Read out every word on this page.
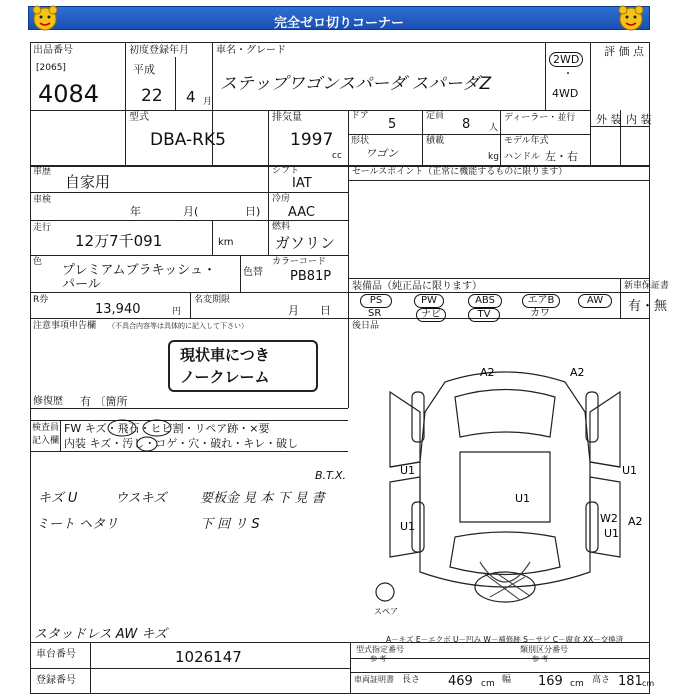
完全ゼロ切りコーナー
出品番号
[2065]
4084
初度登録年月
平成
22 4 月
車名・グレード
ステップワゴンスパーダ スパーダZ
2WD
・
4WD
評 価 点
外 装 内 装
型式
DBA-RK5
排気量
1997
cc
ドア
5
定員
8 人
ディーラー・並行
形状
ワゴン
積載
kg
モデル年式
ハンドル 左・右
車歴
自家用
シフト
IAT
セールスポイント（正常に機能するものに限ります）
車検
年	月(	日)
冷房
AAC
走行
12万7千091	km
燃料
ガソリン
色
プレミアムブラキッシュ・
パール
色替
カラーコード
PB81P
装備品（純正品に限ります）	新車保証書
有・無
PS	PW	ABS	エアB	AW
SR	ナビ	TV	カワ
R券
13,940	円
名変期限
月 日
注意事項申告欄 （不具合内容等は具体的に記入して下さい）
現状車につき
ノークレーム
後日品
修復歴 有 〔箇所
検査員
記入欄
FW キズ・飛石・ヒビ割・リペア跡・×要
内装 キズ・汚し・コゲ・穴・破れ・キレ・破し
キズ U	ウスキズ	要板金 見 本 下 見 書
B.T.X.
ミート ヘタリ	下 回 リ S
スタッドレス AW キズ
A2	A2
U1
U1
U1
U1
W2
U1
A2
スペア
A－キズ E－エクボ U－凹み W－補修跡 S－サビ C－腐食 XX－交換済
車台番号	1026147
登録番号
型式指定番号
参 考
類別区分番号
参 考
車両証明書 長さ 469 cm 幅 169 cm 高さ 181 cm
